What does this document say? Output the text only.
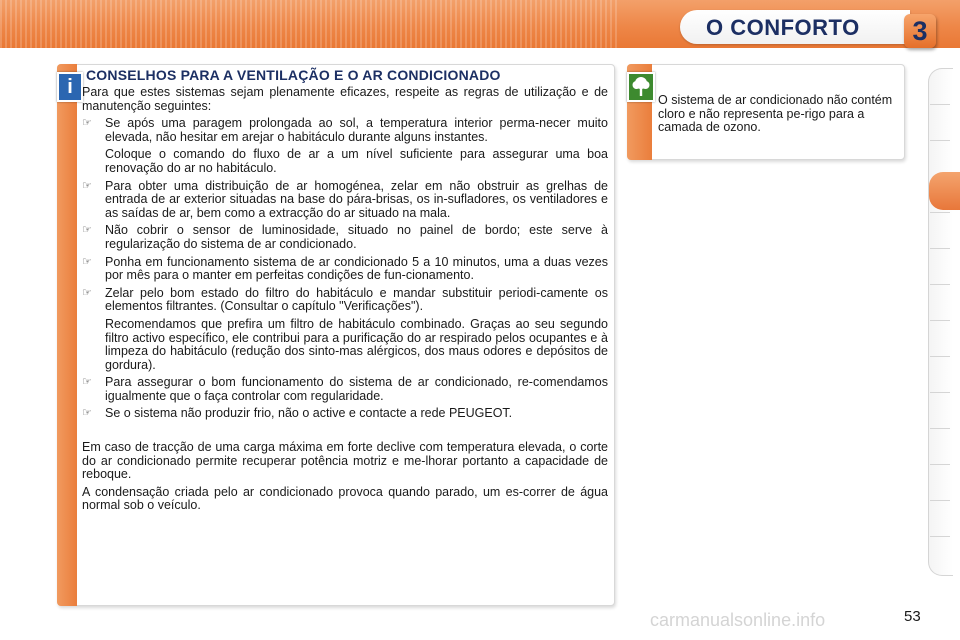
O CONFORTO	3
i
CONSELHOS PARA A VENTILAÇÃO E O AR CONDICIONADO

Para que estes sistemas sejam plenamente eficazes, respeite as regras de utilização e de manutenção seguintes:

☞ Se após uma paragem prolongada ao sol, a temperatura interior perma-necer muito elevada, não hesitar em arejar o habitáculo durante alguns instantes.
Coloque o comando do fluxo de ar a um nível suficiente para assegurar uma boa renovação do ar no habitáculo.
☞ Para obter uma distribuição de ar homogénea, zelar em não obstruir as grelhas de entrada de ar exterior situadas na base do pára-brisas, os in-sufladores, os ventiladores e as saídas de ar, bem como a extracção do ar situado na mala.
☞ Não cobrir o sensor de luminosidade, situado no painel de bordo; este serve à regularização do sistema de ar condicionado.
☞ Ponha em funcionamento sistema de ar condicionado 5 a 10 minutos, uma a duas vezes por mês para o manter em perfeitas condições de fun-cionamento.
☞ Zelar pelo bom estado do filtro do habitáculo e mandar substituir periodi-camente os elementos filtrantes. (Consultar o capítulo "Verificações").
Recomendamos que prefira um filtro de habitáculo combinado. Graças ao seu segundo filtro activo específico, ele contribui para a purificação do ar respirado pelos ocupantes e à limpeza do habitáculo (redução dos sinto-mas alérgicos, dos maus odores e depósitos de gordura).
☞ Para assegurar o bom funcionamento do sistema de ar condicionado, re-comendamos igualmente que o faça controlar com regularidade.
☞ Se o sistema não produzir frio, não o active e contacte a rede PEUGEOT.

Em caso de tracção de uma carga máxima em forte declive com temperatura elevada, o corte do ar condicionado permite recuperar potência motriz e me-lhorar portanto a capacidade de reboque.

A condensação criada pelo ar condicionado provoca quando parado, um es-correr de água normal sob o veículo.

O sistema de ar condicionado não contém cloro e não representa pe-rigo para a camada de ozono.
carmanualsonline.info	53
